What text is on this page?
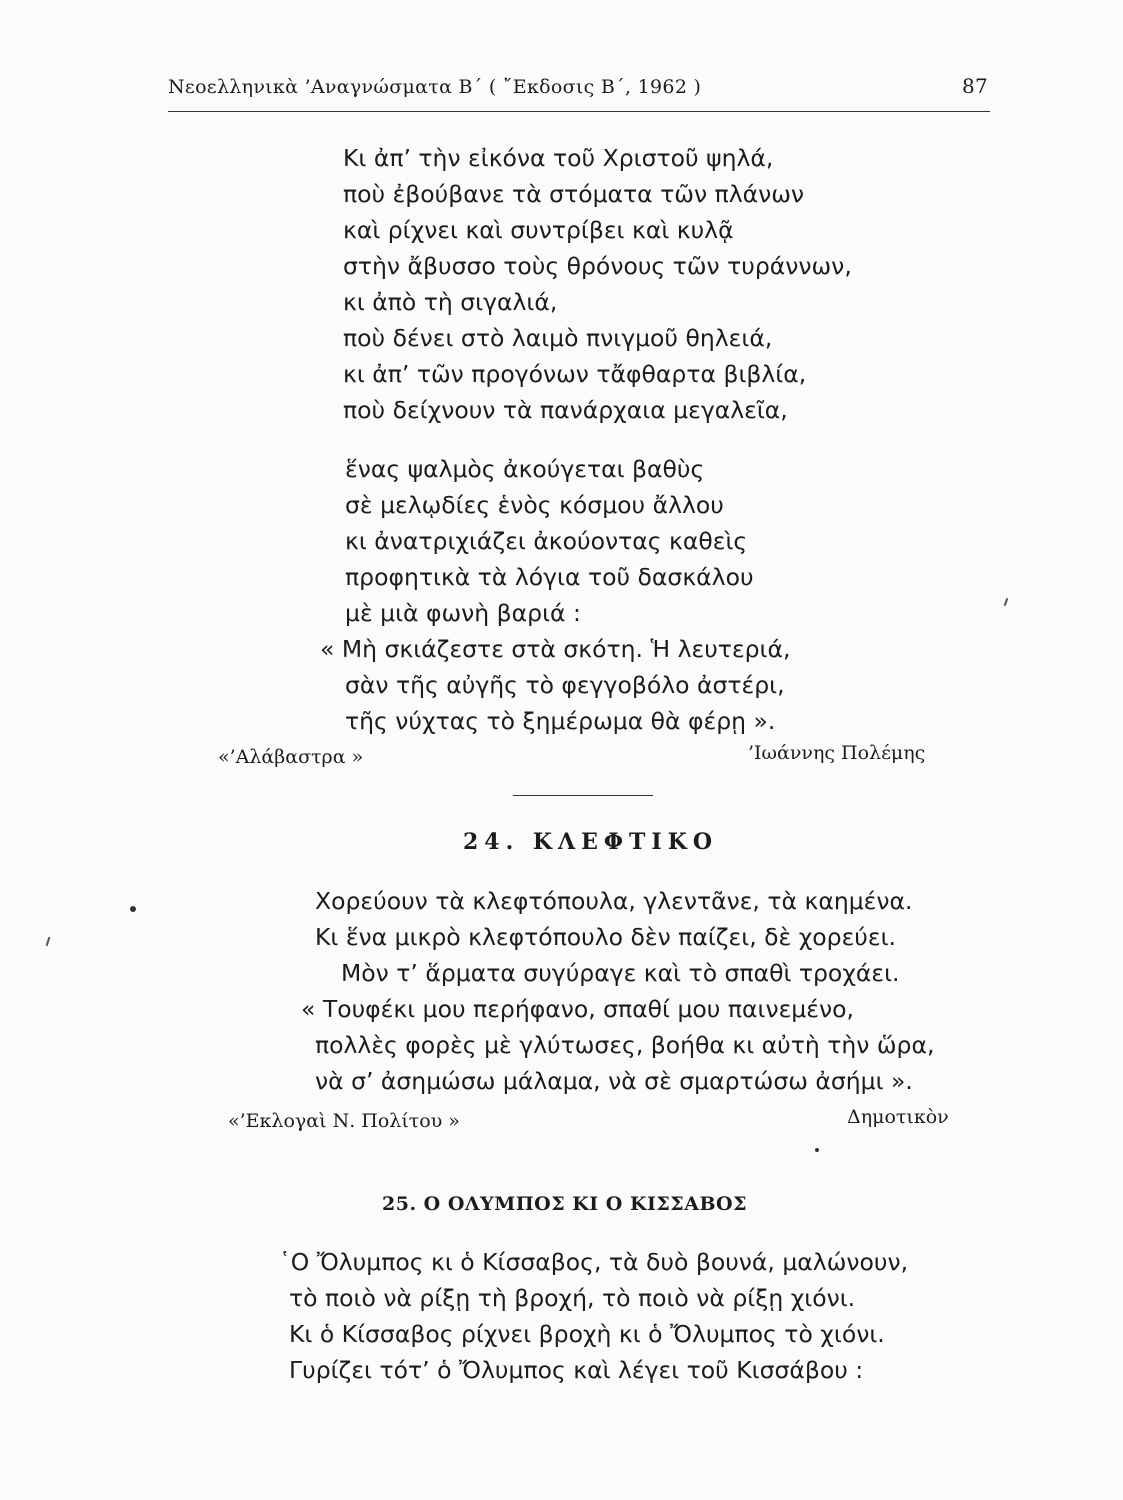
Νεοελληνικὰ ’Αναγνώσματα Β΄ ( ῎Εκδοσις Β΄, 1962 )	87
Κι ἀπ’ τὴν εἰκόνα τοῦ Χριστοῦ ψηλά,
ποὺ ἐβούβανε τὰ στόματα τῶν πλάνων
καὶ ρίχνει καὶ συντρίβει καὶ κυλᾷ
στὴν ἄβυσσο τοὺς θρόνους τῶν τυράννων,
κι ἀπὸ τὴ σιγαλιά,
ποὺ δένει στὸ λαιμὸ πνιγμοῦ θηλειά,
κι ἀπ’ τῶν προγόνων τἄφθαρτα βιβλία,
ποὺ δείχνουν τὰ πανάρχαια μεγαλεῖα,
ἕνας ψαλμὸς ἀκούγεται βαθὺς
σὲ μελῳδίες ἑνὸς κόσμου ἄλλου
κι ἀνατριχιάζει ἀκούοντας καθεὶς
προφητικὰ τὰ λόγια τοῦ δασκάλου
μὲ μιὰ φωνὴ βαριά :
« Μὴ σκιάζεστε στὰ σκότη. Ἡ λευτεριά,
σὰν τῆς αὐγῆς τὸ φεγγοβόλο ἀστέρι,
τῆς νύχτας τὸ ξημέρωμα θὰ φέρῃ ».
«’Αλάβαστρα »	’Ιωάννης Πολέμης
24. ΚΛΕΦΤΙΚΟ
Χορεύουν τὰ κλεφτόπουλα, γλεντᾶνε, τὰ καημένα.
Κι ἕνα μικρὸ κλεφτόπουλο δὲν παίζει, δὲ χορεύει.
Μὸν τ’ ἅρματα συγύραγε καὶ τὸ σπαθὶ τροχάει.
« Τουφέκι μου περήφανο, σπαθί μου παινεμένο,
πολλὲς φορὲς μὲ γλύτωσες, βοήθα κι αὐτὴ τὴν ὥρα,
νὰ σ’ ἀσημώσω μάλαμα, νὰ σὲ σμαρτώσω ἀσήμι ».
«’Εκλογαὶ Ν. Πολίτου »	Δημοτικὸν
25. Ο ΟΛΥΜΠΟΣ ΚΙ Ο ΚΙΣΣΑΒΟΣ
῾Ο Ὄλυμπος κι ὁ Κίσσαβος, τὰ δυὸ βουνά, μαλώνουν,
τὸ ποιὸ νὰ ρίξῃ τὴ βροχή, τὸ ποιὸ νὰ ρίξῃ χιόνι.
Κι ὁ Κίσσαβος ρίχνει βροχὴ κι ὁ Ὄλυμπος τὸ χιόνι.
Γυρίζει τότ’ ὁ Ὄλυμπος καὶ λέγει τοῦ Κισσάβου :
